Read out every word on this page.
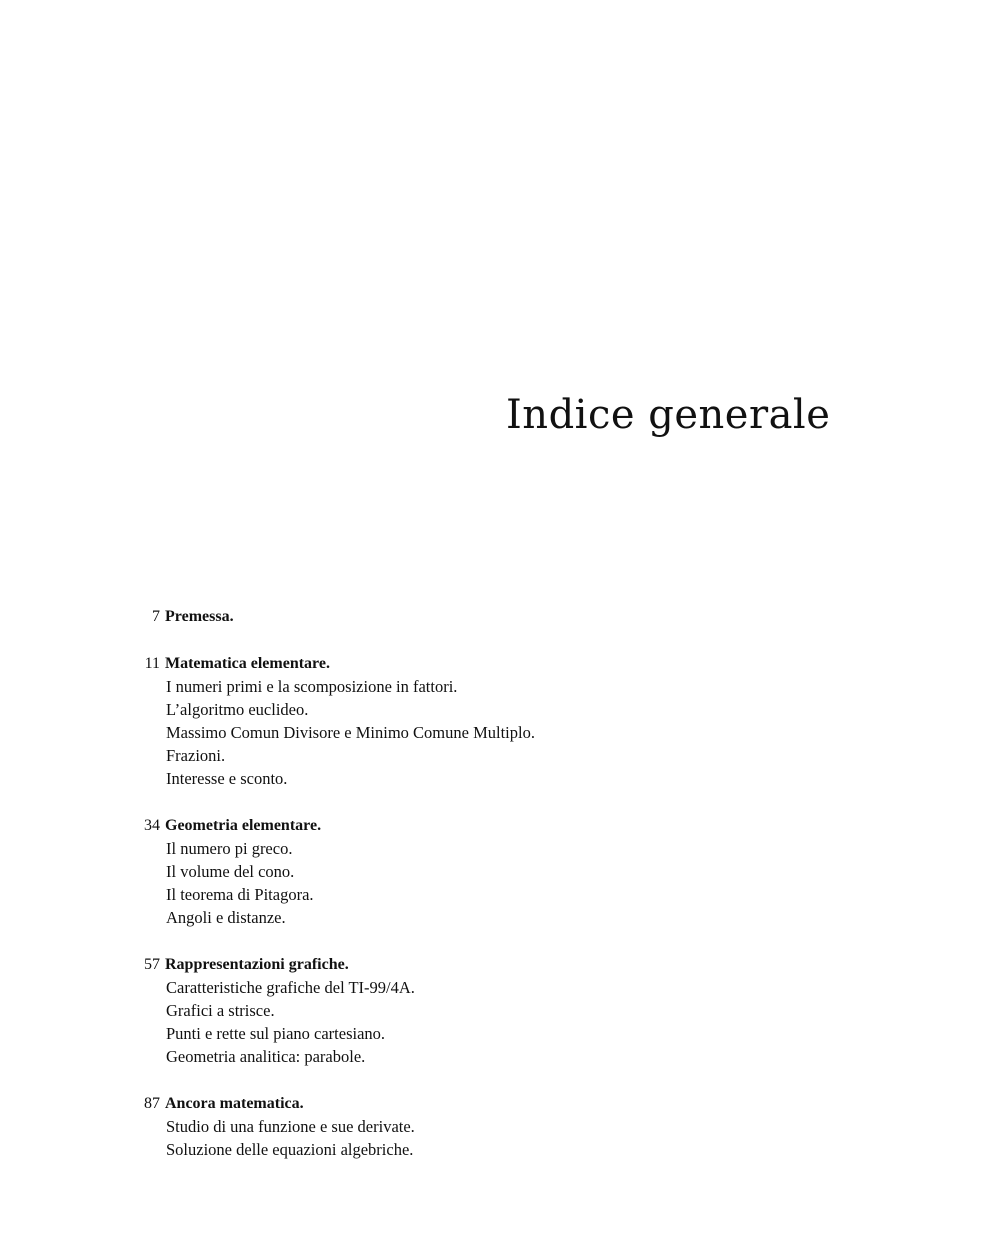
Indice generale
7 Premessa.
11 Matematica elementare.
I numeri primi e la scomposizione in fattori.
L’algoritmo euclideo.
Massimo Comun Divisore e Minimo Comune Multiplo.
Frazioni.
Interesse e sconto.
34 Geometria elementare.
Il numero pi greco.
Il volume del cono.
Il teorema di Pitagora.
Angoli e distanze.
57 Rappresentazioni grafiche.
Caratteristiche grafiche del TI-99/4A.
Grafici a strisce.
Punti e rette sul piano cartesiano.
Geometria analitica: parabole.
87 Ancora matematica.
Studio di una funzione e sue derivate.
Soluzione delle equazioni algebriche.
